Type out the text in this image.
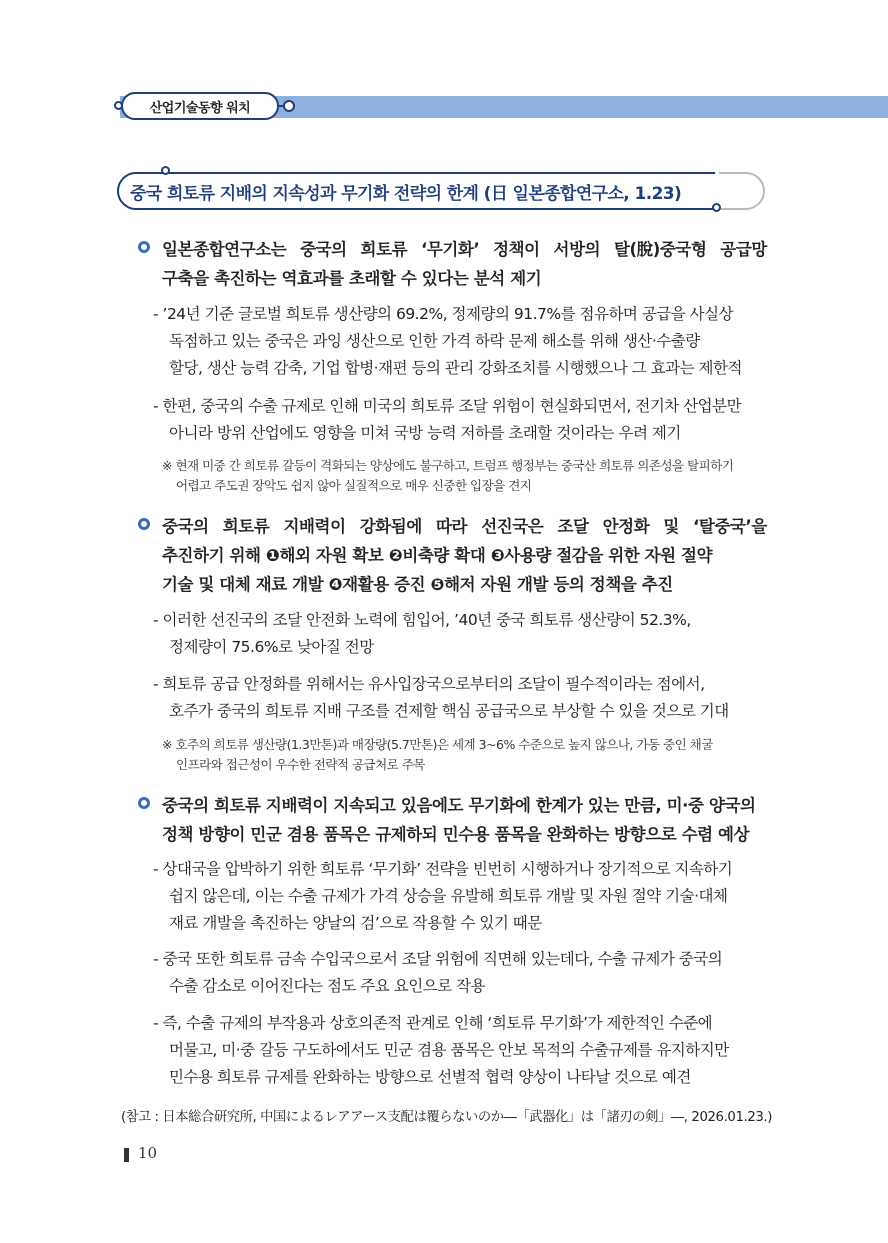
산업기술동향 워치
중국 희토류 지배의 지속성과 무기화 전략의 한계 (日 일본종합연구소, 1.23)
일본종합연구소는 중국의 희토류 ‘무기화’ 정책이 서방의 탈(脫)중국형 공급망
구축을 촉진하는 역효과를 초래할 수 있다는 분석 제기
- ’24년 기준 글로벌 희토류 생산량의 69.2%, 정제량의 91.7%를 점유하며 공급을 사실상
독점하고 있는 중국은 과잉 생산으로 인한 가격 하락 문제 해소를 위해 생산·수출량
할당, 생산 능력 감축, 기업 합병·재편 등의 관리 강화조치를 시행했으나 그 효과는 제한적
- 한편, 중국의 수출 규제로 인해 미국의 희토류 조달 위험이 현실화되면서, 전기차 산업분만
아니라 방위 산업에도 영향을 미쳐 국방 능력 저하를 초래할 것이라는 우려 제기
※ 현재 미중 간 희토류 갈등이 격화되는 양상에도 불구하고, 트럼프 행정부는 중국산 희토류 의존성을 탈피하기
어렵고 주도권 장악도 쉽지 않아 실질적으로 매우 신중한 입장을 견지
중국의 희토류 지배력이 강화됨에 따라 선진국은 조달 안정화 및 ‘탈중국’을
추진하기 위해 ❶해외 자원 확보 ❷비축량 확대 ❸사용량 절감을 위한 자원 절약
기술 및 대체 재료 개발 ❹재활용 증진 ❺해저 자원 개발 등의 정책을 추진
- 이러한 선진국의 조달 안전화 노력에 힘입어, ’40년 중국 희토류 생산량이 52.3%,
정제량이 75.6%로 낮아질 전망
- 희토류 공급 안정화를 위해서는 유사입장국으로부터의 조달이 필수적이라는 점에서,
호주가 중국의 희토류 지배 구조를 견제할 핵심 공급국으로 부상할 수 있을 것으로 기대
※ 호주의 희토류 생산량(1.3만톤)과 매장량(5.7만톤)은 세계 3~6% 수준으로 높지 않으나, 가동 중인 채굴
인프라와 접근성이 우수한 전략적 공급처로 주목
중국의 희토류 지배력이 지속되고 있음에도 무기화에 한계가 있는 만큼, 미·중 양국의
정책 방향이 민군 겸용 품목은 규제하되 민수용 품목을 완화하는 방향으로 수렴 예상
- 상대국을 압박하기 위한 희토류 ‘무기화’ 전략을 빈번히 시행하거나 장기적으로 지속하기
쉽지 않은데, 이는 수출 규제가 가격 상승을 유발해 희토류 개발 및 자원 절약 기술·대체
재료 개발을 촉진하는 양날의 검’으로 작용할 수 있기 때문
- 중국 또한 희토류 금속 수입국으로서 조달 위험에 직면해 있는데다, 수출 규제가 중국의
수출 감소로 이어진다는 점도 주요 요인으로 작용
- 즉, 수출 규제의 부작용과 상호의존적 관계로 인해 ‘희토류 무기화’가 제한적인 수준에
머물고, 미·중 갈등 구도하에서도 민군 겸용 품목은 안보 목적의 수출규제를 유지하지만
민수용 희토류 규제를 완화하는 방향으로 선별적 협력 양상이 나타날 것으로 예견
(참고 : 日本総合研究所, 中国によるレアアース支配は覆らないのか―「武器化」は「諸刃の剣」―, 2026.01.23.)
10
